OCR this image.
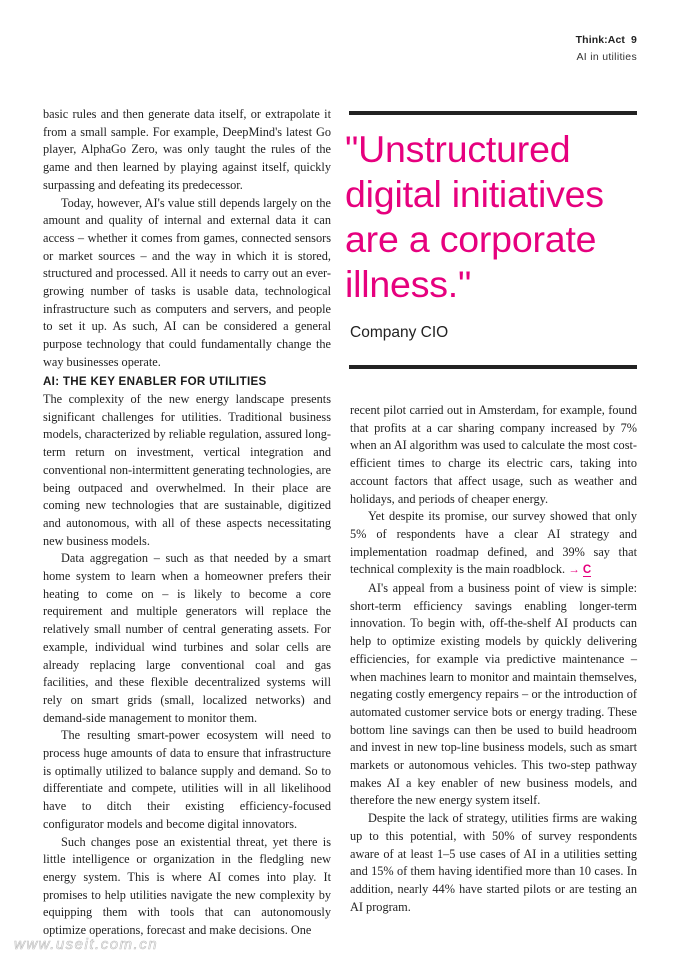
Think:Act 9
AI in utilities

basic rules and then generate data itself, or extrapolate it from a small sample. For example, DeepMind's latest Go player, AlphaGo Zero, was only taught the rules of the game and then learned by playing against itself, quickly surpassing and defeating its predecessor.

Today, however, AI's value still depends largely on the amount and quality of internal and external data it can access – whether it comes from games, connected sensors or market sources – and the way in which it is stored, structured and processed. All it needs to carry out an ever-growing number of tasks is usable data, technological infrastructure such as computers and servers, and people to set it up. As such, AI can be considered a general purpose technology that could fundamentally change the way businesses operate.

"Unstructured digital initiatives are a corporate illness."
Company CIO
AI: THE KEY ENABLER FOR UTILITIES

The complexity of the new energy landscape presents significant challenges for utilities. Traditional business models, characterized by reliable regulation, assured long-term return on investment, vertical integration and conventional non-intermittent generating technologies, are being outpaced and overwhelmed. In their place are coming new technologies that are sustainable, digitized and autonomous, with all of these aspects necessitating new business models.

Data aggregation – such as that needed by a smart home system to learn when a homeowner prefers their heating to come on – is likely to become a core requirement and multiple generators will replace the relatively small number of central generating assets. For example, individual wind turbines and solar cells are already replacing large conventional coal and gas facilities, and these flexible decentralized systems will rely on smart grids (small, localized networks) and demand-side management to monitor them.

The resulting smart-power ecosystem will need to process huge amounts of data to ensure that infrastructure is optimally utilized to balance supply and demand. So to differentiate and compete, utilities will in all likelihood have to ditch their existing efficiency-focused configurator models and become digital innovators.

Such changes pose an existential threat, yet there is little intelligence or organization in the fledgling new energy system. This is where AI comes into play. It promises to help utilities navigate the new complexity by equipping them with tools that can autonomously optimize operations, forecast and make decisions. One

recent pilot carried out in Amsterdam, for example, found that profits at a car sharing company increased by 7% when an AI algorithm was used to calculate the most cost-efficient times to charge its electric cars, taking into account factors that affect usage, such as weather and holidays, and periods of cheaper energy.

Yet despite its promise, our survey showed that only 5% of respondents have a clear AI strategy and implementation roadmap defined, and 39% say that technical complexity is the main roadblock. → C

AI's appeal from a business point of view is simple: short-term efficiency savings enabling longer-term innovation. To begin with, off-the-shelf AI products can help to optimize existing models by quickly delivering efficiencies, for example via predictive maintenance – when machines learn to monitor and maintain themselves, negating costly emergency repairs – or the introduction of automated customer service bots or energy trading. These bottom line savings can then be used to build headroom and invest in new top-line business models, such as smart markets or autonomous vehicles. This two-step pathway makes AI a key enabler of new business models, and therefore the new energy system itself.

Despite the lack of strategy, utilities firms are waking up to this potential, with 50% of survey respondents aware of at least 1–5 use cases of AI in a utilities setting and 15% of them having identified more than 10 cases. In addition, nearly 44% have started pilots or are testing an AI program.

www.useit.com.cn
